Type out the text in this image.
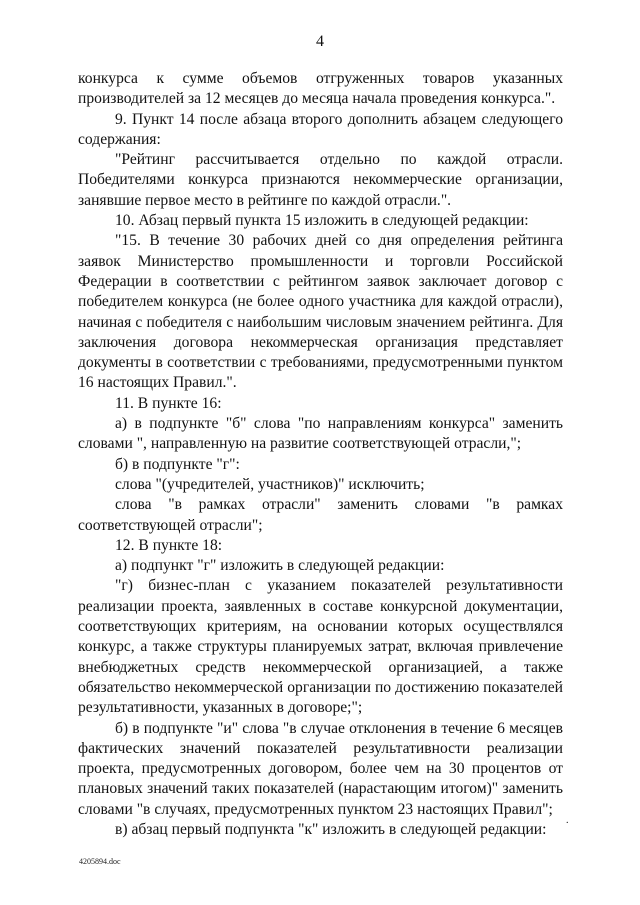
4

конкурса к сумме объемов отгруженных товаров указанных производителей за 12 месяцев до месяца начала проведения конкурса.".

9. Пункт 14 после абзаца второго дополнить абзацем следующего содержания:

"Рейтинг рассчитывается отдельно по каждой отрасли. Победителями конкурса признаются некоммерческие организации, занявшие первое место в рейтинге по каждой отрасли.".

10. Абзац первый пункта 15 изложить в следующей редакции:

"15. В течение 30 рабочих дней со дня определения рейтинга заявок Министерство промышленности и торговли Российской Федерации в соответствии с рейтингом заявок заключает договор с победителем конкурса (не более одного участника для каждой отрасли), начиная с победителя с наибольшим числовым значением рейтинга. Для заключения договора некоммерческая организация представляет документы в соответствии с требованиями, предусмотренными пунктом 16 настоящих Правил.".

11. В пункте 16:

а) в подпункте "б" слова "по направлениям конкурса" заменить словами ", направленную на развитие соответствующей отрасли,";

б) в подпункте "г":

слова "(учредителей, участников)" исключить;

слова "в рамках отрасли" заменить словами "в рамках соответствующей отрасли";

12. В пункте 18:

а) подпункт "г" изложить в следующей редакции:

"г) бизнес-план с указанием показателей результативности реализации проекта, заявленных в составе конкурсной документации, соответствующих критериям, на основании которых осуществлялся конкурс, а также структуры планируемых затрат, включая привлечение внебюджетных средств некоммерческой организацией, а также обязательство некоммерческой организации по достижению показателей результативности, указанных в договоре;";

б) в подпункте "и" слова "в случае отклонения в течение 6 месяцев фактических значений показателей результативности реализации проекта, предусмотренных договором, более чем на 30 процентов от плановых значений таких показателей (нарастающим итогом)" заменить словами "в случаях, предусмотренных пунктом 23 настоящих Правил";

в) абзац первый подпункта "к" изложить в следующей редакции:

.
4205894.doc
